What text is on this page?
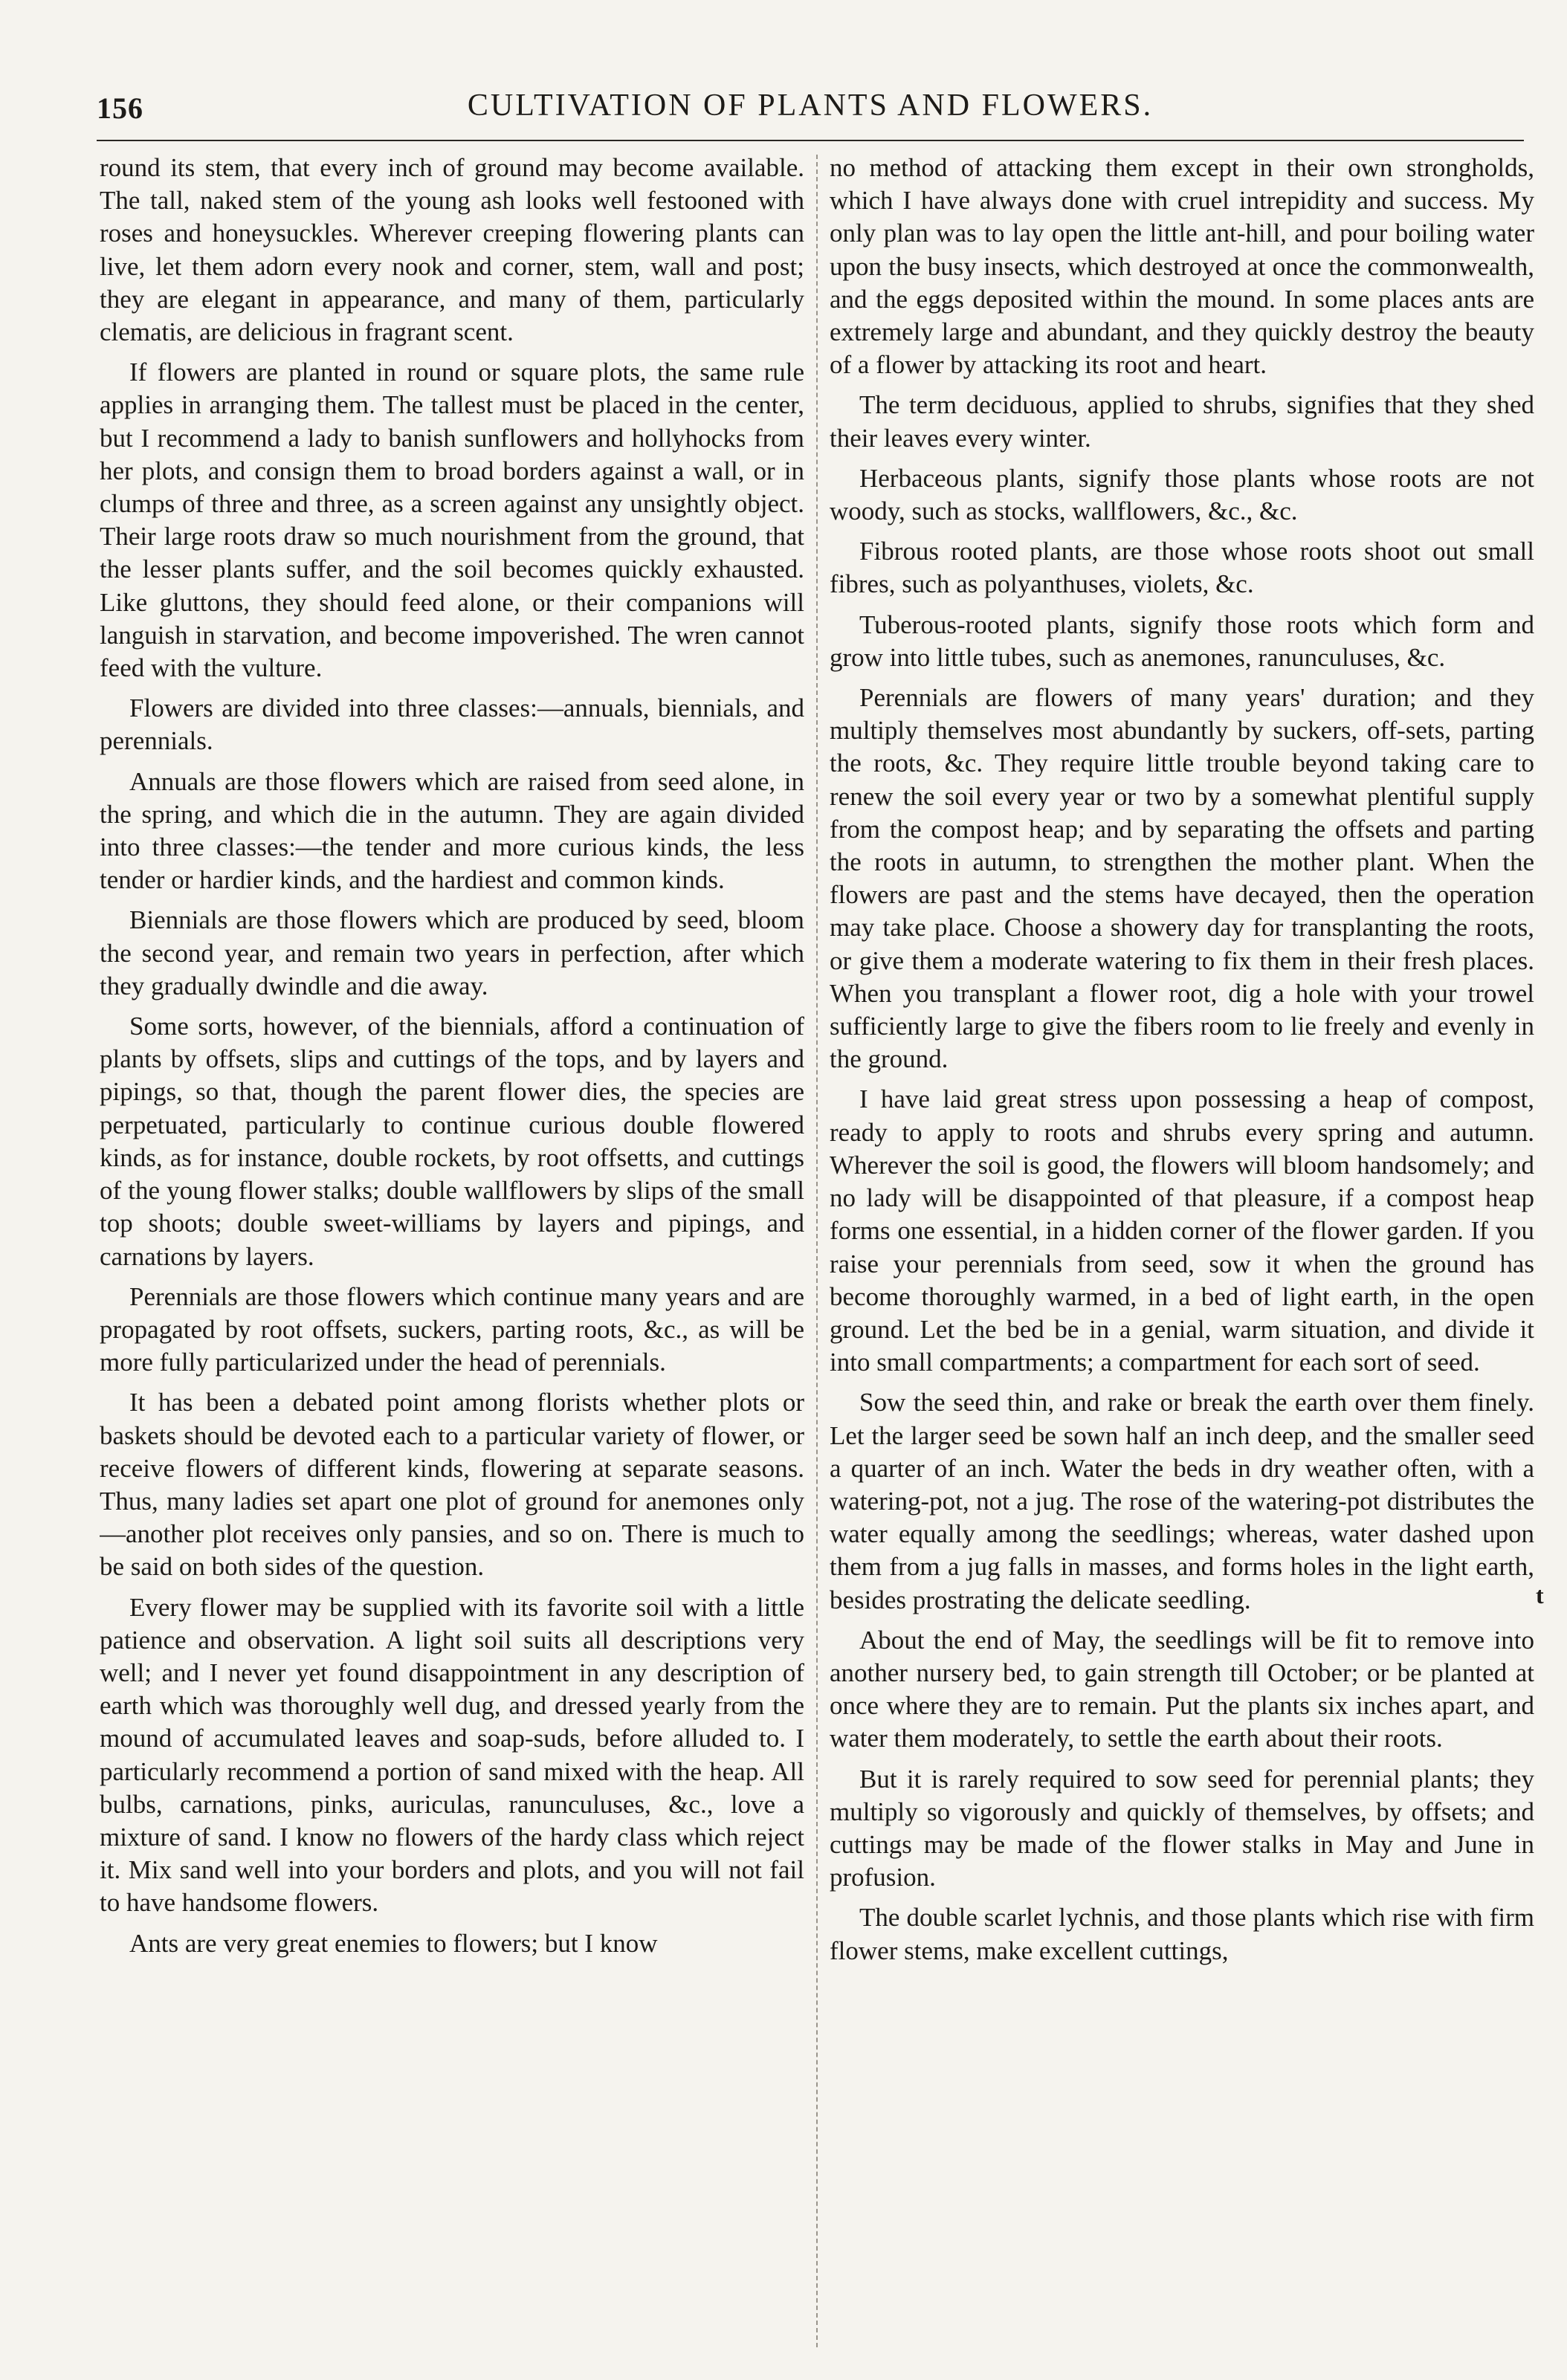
156	CULTIVATION OF PLANTS AND FLOWERS.

round its stem, that every inch of ground may become available. The tall, naked stem of the young ash looks well festooned with roses and honeysuckles. Wherever creeping flowering plants can live, let them adorn every nook and corner, stem, wall and post; they are elegant in appearance, and many of them, particularly clematis, are delicious in fragrant scent.

If flowers are planted in round or square plots, the same rule applies in arranging them. The tallest must be placed in the center, but I recommend a lady to banish sunflowers and hollyhocks from her plots, and consign them to broad borders against a wall, or in clumps of three and three, as a screen against any unsightly object. Their large roots draw so much nourishment from the ground, that the lesser plants suffer, and the soil becomes quickly exhausted. Like gluttons, they should feed alone, or their companions will languish in starvation, and become impoverished. The wren cannot feed with the vulture.

Flowers are divided into three classes:—annuals, biennials, and perennials.

Annuals are those flowers which are raised from seed alone, in the spring, and which die in the autumn. They are again divided into three classes:—the tender and more curious kinds, the less tender or hardier kinds, and the hardiest and common kinds.

Biennials are those flowers which are produced by seed, bloom the second year, and remain two years in perfection, after which they gradually dwindle and die away.

Some sorts, however, of the biennials, afford a continuation of plants by offsets, slips and cuttings of the tops, and by layers and pipings, so that, though the parent flower dies, the species are perpetuated, particularly to continue curious double flowered kinds, as for instance, double rockets, by root offsetts, and cuttings of the young flower stalks; double wallflowers by slips of the small top shoots; double sweet-williams by layers and pipings, and carnations by layers.

Perennials are those flowers which continue many years and are propagated by root offsets, suckers, parting roots, &c., as will be more fully particularized under the head of perennials.

It has been a debated point among florists whether plots or baskets should be devoted each to a particular variety of flower, or receive flowers of different kinds, flowering at separate seasons. Thus, many ladies set apart one plot of ground for anemones only—another plot receives only pansies, and so on. There is much to be said on both sides of the question.

Every flower may be supplied with its favorite soil with a little patience and observation. A light soil suits all descriptions very well; and I never yet found disappointment in any description of earth which was thoroughly well dug, and dressed yearly from the mound of accumulated leaves and soap-suds, before alluded to. I particularly recommend a portion of sand mixed with the heap. All bulbs, carnations, pinks, auriculas, ranunculuses, &c., love a mixture of sand. I know no flowers of the hardy class which reject it. Mix sand well into your borders and plots, and you will not fail to have handsome flowers.

Ants are very great enemies to flowers; but I know

no method of attacking them except in their own strongholds, which I have always done with cruel intrepidity and success. My only plan was to lay open the little ant-hill, and pour boiling water upon the busy insects, which destroyed at once the commonwealth, and the eggs deposited within the mound. In some places ants are extremely large and abundant, and they quickly destroy the beauty of a flower by attacking its root and heart.

The term deciduous, applied to shrubs, signifies that they shed their leaves every winter.

Herbaceous plants, signify those plants whose roots are not woody, such as stocks, wallflowers, &c., &c.

Fibrous rooted plants, are those whose roots shoot out small fibres, such as polyanthuses, violets, &c.

Tuberous-rooted plants, signify those roots which form and grow into little tubes, such as anemones, ranunculuses, &c.

Perennials are flowers of many years' duration; and they multiply themselves most abundantly by suckers, off-sets, parting the roots, &c. They require little trouble beyond taking care to renew the soil every year or two by a somewhat plentiful supply from the compost heap; and by separating the offsets and parting the roots in autumn, to strengthen the mother plant. When the flowers are past and the stems have decayed, then the operation may take place. Choose a showery day for transplanting the roots, or give them a moderate watering to fix them in their fresh places. When you transplant a flower root, dig a hole with your trowel sufficiently large to give the fibers room to lie freely and evenly in the ground.

I have laid great stress upon possessing a heap of compost, ready to apply to roots and shrubs every spring and autumn. Wherever the soil is good, the flowers will bloom handsomely; and no lady will be disappointed of that pleasure, if a compost heap forms one essential, in a hidden corner of the flower garden. If you raise your perennials from seed, sow it when the ground has become thoroughly warmed, in a bed of light earth, in the open ground. Let the bed be in a genial, warm situation, and divide it into small compartments; a compartment for each sort of seed.

Sow the seed thin, and rake or break the earth over them finely. Let the larger seed be sown half an inch deep, and the smaller seed a quarter of an inch. Water the beds in dry weather often, with a watering-pot, not a jug. The rose of the watering-pot distributes the water equally among the seedlings; whereas, water dashed upon them from a jug falls in masses, and forms holes in the light earth, besides prostrating the delicate seedling.

About the end of May, the seedlings will be fit to remove into another nursery bed, to gain strength till October; or be planted at once where they are to remain. Put the plants six inches apart, and water them moderately, to settle the earth about their roots.

But it is rarely required to sow seed for perennial plants; they multiply so vigorously and quickly of themselves, by offsets; and cuttings may be made of the flower stalks in May and June in profusion.

The double scarlet lychnis, and those plants which rise with firm flower stems, make excellent cuttings,

t
